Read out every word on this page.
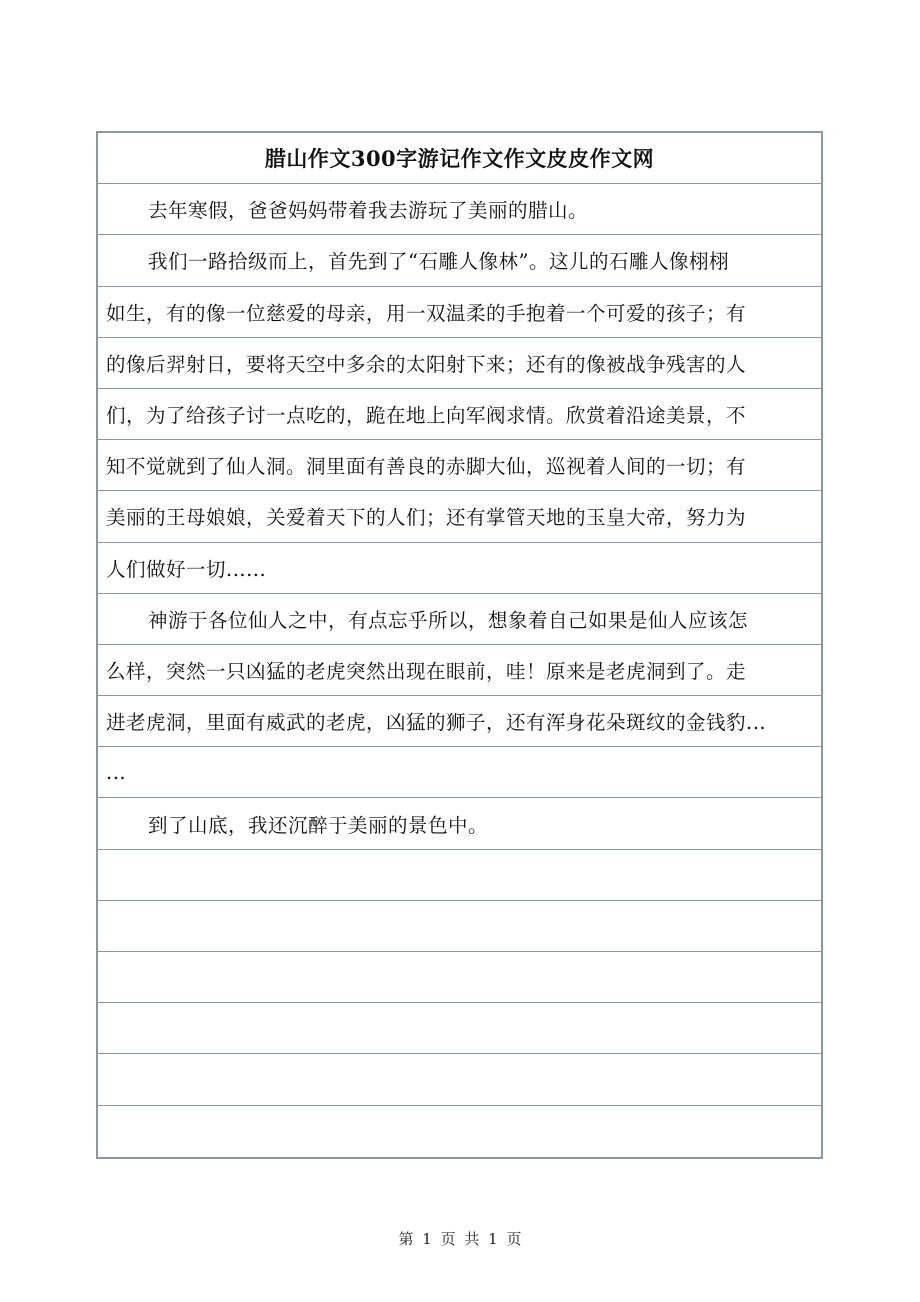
腊山作文300字游记作文作文皮皮作文网
去年寒假，爸爸妈妈带着我去游玩了美丽的腊山。
我们一路拾级而上，首先到了“石雕人像林”。这儿的石雕人像栩栩
如生，有的像一位慈爱的母亲，用一双温柔的手抱着一个可爱的孩子；有
的像后羿射日，要将天空中多余的太阳射下来；还有的像被战争残害的人
们，为了给孩子讨一点吃的，跪在地上向军阀求情。欣赏着沿途美景，不
知不觉就到了仙人洞。洞里面有善良的赤脚大仙，巡视着人间的一切；有
美丽的王母娘娘，关爱着天下的人们；还有掌管天地的玉皇大帝，努力为
人们做好一切......
神游于各位仙人之中，有点忘乎所以，想象着自己如果是仙人应该怎
么样，突然一只凶猛的老虎突然出现在眼前，哇！原来是老虎洞到了。走
进老虎洞，里面有威武的老虎，凶猛的狮子，还有浑身花朵斑纹的金钱豹...
...
到了山底，我还沉醉于美丽的景色中。
第 1 页 共 1 页
